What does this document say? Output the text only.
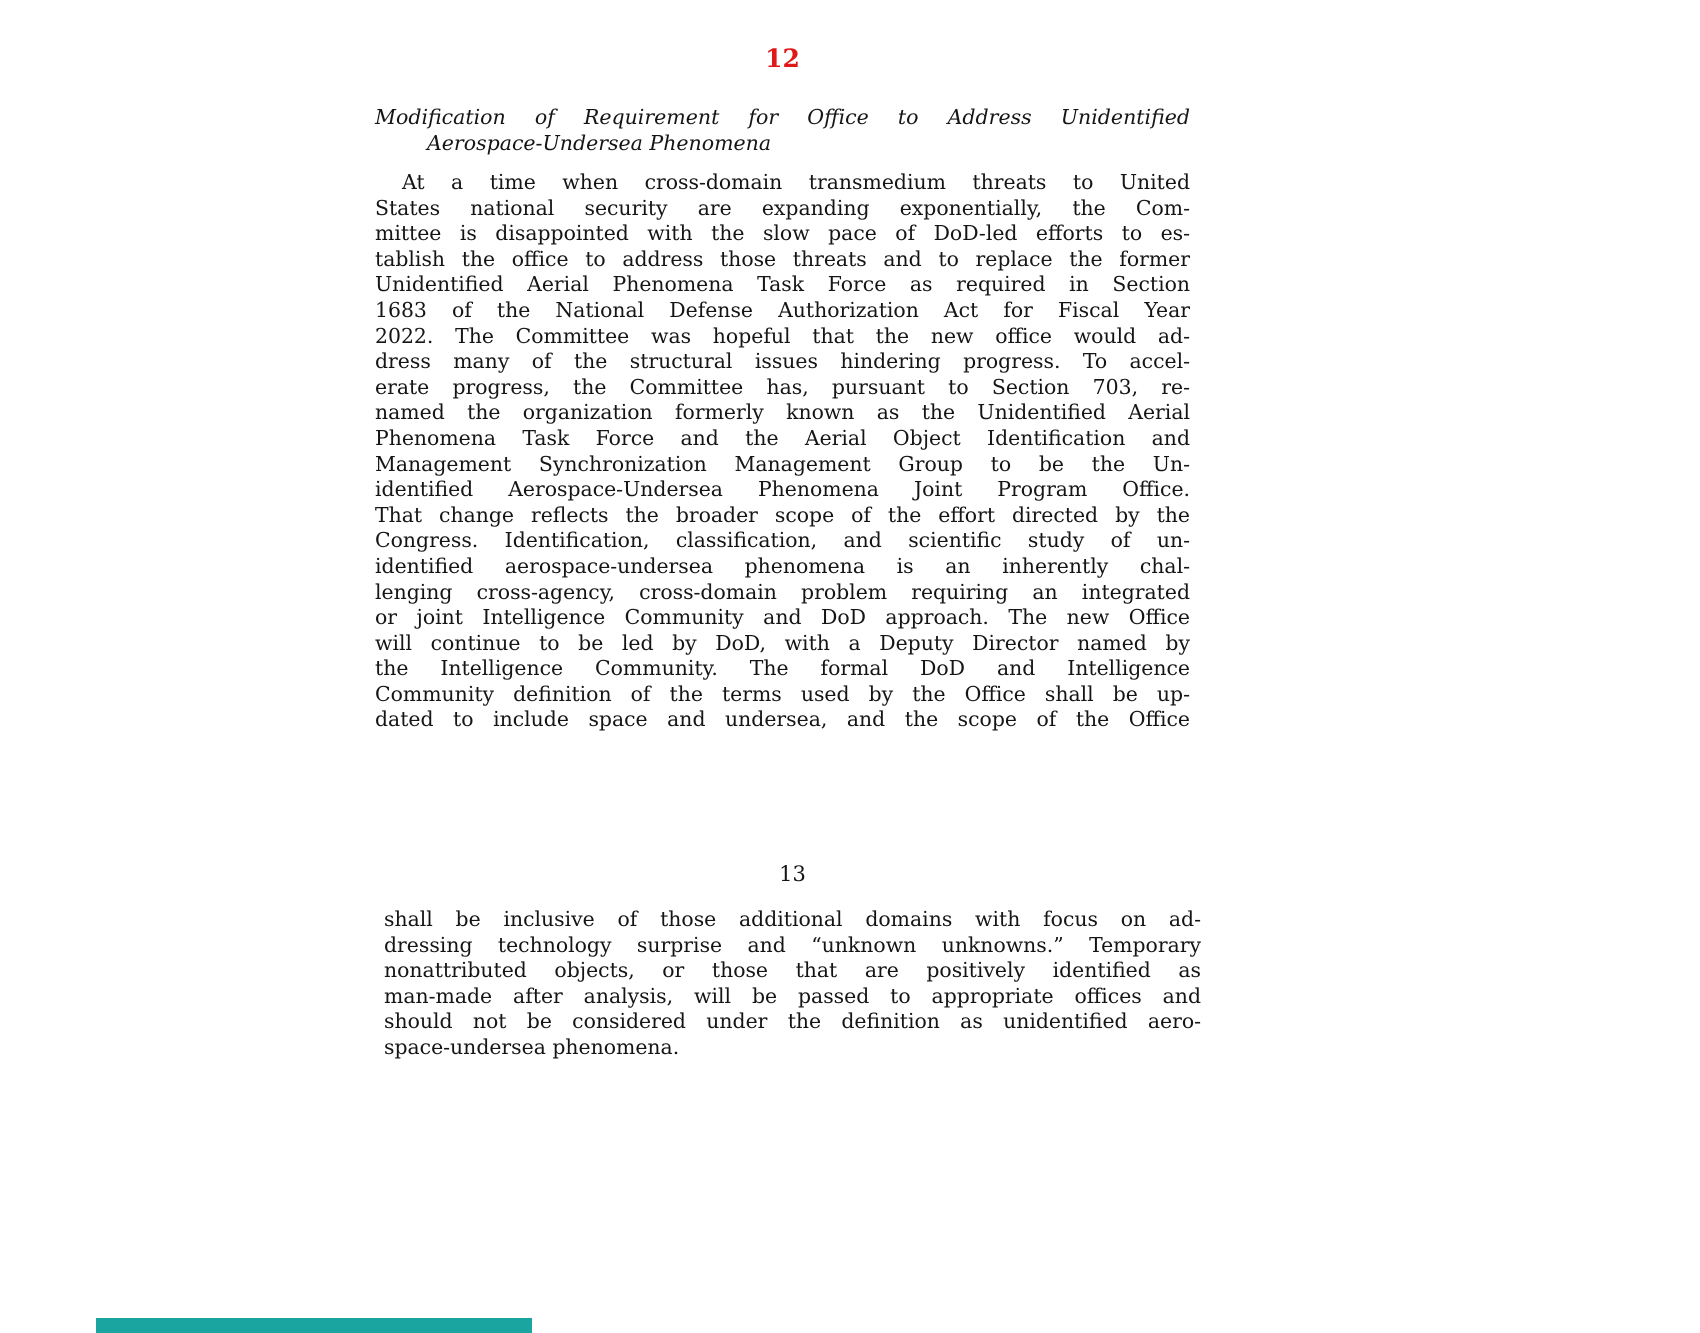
12
Modification of Requirement for Office to Address Unidentified
Aerospace-Undersea Phenomena
At a time when cross-domain transmedium threats to United
States national security are expanding exponentially, the Com-
mittee is disappointed with the slow pace of DoD-led efforts to es-
tablish the office to address those threats and to replace the former
Unidentified Aerial Phenomena Task Force as required in Section
1683 of the National Defense Authorization Act for Fiscal Year
2022. The Committee was hopeful that the new office would ad-
dress many of the structural issues hindering progress. To accel-
erate progress, the Committee has, pursuant to Section 703, re-
named the organization formerly known as the Unidentified Aerial
Phenomena Task Force and the Aerial Object Identification and
Management Synchronization Management Group to be the Un-
identified Aerospace-Undersea Phenomena Joint Program Office.
That change reflects the broader scope of the effort directed by the
Congress. Identification, classification, and scientific study of un-
identified aerospace-undersea phenomena is an inherently chal-
lenging cross-agency, cross-domain problem requiring an integrated
or joint Intelligence Community and DoD approach. The new Office
will continue to be led by DoD, with a Deputy Director named by
the Intelligence Community. The formal DoD and Intelligence
Community definition of the terms used by the Office shall be up-
dated to include space and undersea, and the scope of the Office
13
shall be inclusive of those additional domains with focus on ad-
dressing technology surprise and “unknown unknowns.” Temporary
nonattributed objects, or those that are positively identified as
man-made after analysis, will be passed to appropriate offices and
should not be considered under the definition as unidentified aero-
space-undersea phenomena.
